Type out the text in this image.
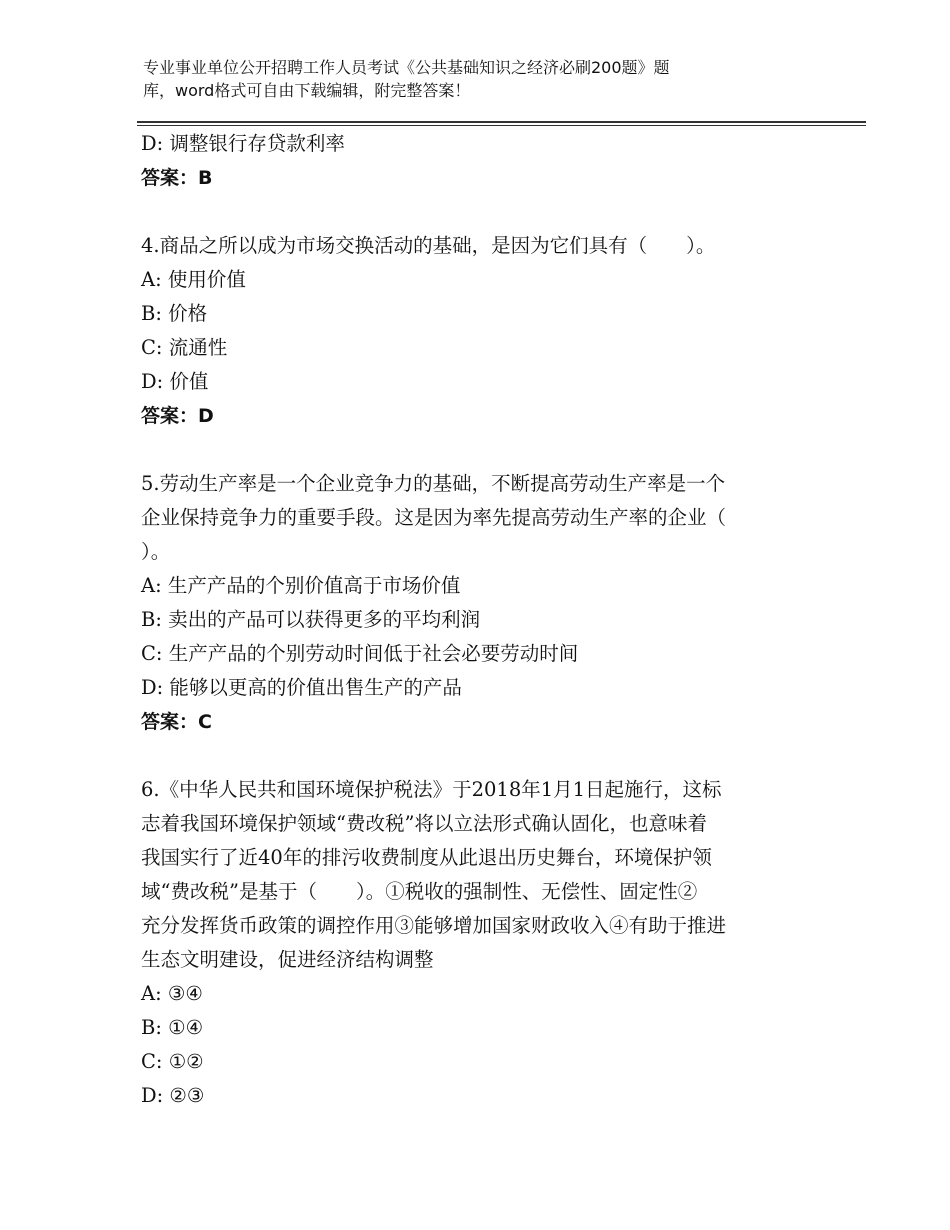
专业事业单位公开招聘工作人员考试《公共基础知识之经济必刷200题》题
库，word格式可自由下载编辑，附完整答案！
D: 调整银行存贷款利率
答案：B
4.商品之所以成为市场交换活动的基础，是因为它们具有（　　）。
A: 使用价值
B: 价格
C: 流通性
D: 价值
答案：D
5.劳动生产率是一个企业竞争力的基础，不断提高劳动生产率是一个
企业保持竞争力的重要手段。这是因为率先提高劳动生产率的企业（
）。
A: 生产产品的个别价值高于市场价值
B: 卖出的产品可以获得更多的平均利润
C: 生产产品的个别劳动时间低于社会必要劳动时间
D: 能够以更高的价值出售生产的产品
答案：C
6.《中华人民共和国环境保护税法》于2018年1月1日起施行，这标
志着我国环境保护领域“费改税”将以立法形式确认固化，也意味着
我国实行了近40年的排污收费制度从此退出历史舞台，环境保护领
域“费改税”是基于（　　）。①税收的强制性、无偿性、固定性②
充分发挥货币政策的调控作用③能够增加国家财政收入④有助于推进
生态文明建设，促进经济结构调整
A: ③④
B: ①④
C: ①②
D: ②③
